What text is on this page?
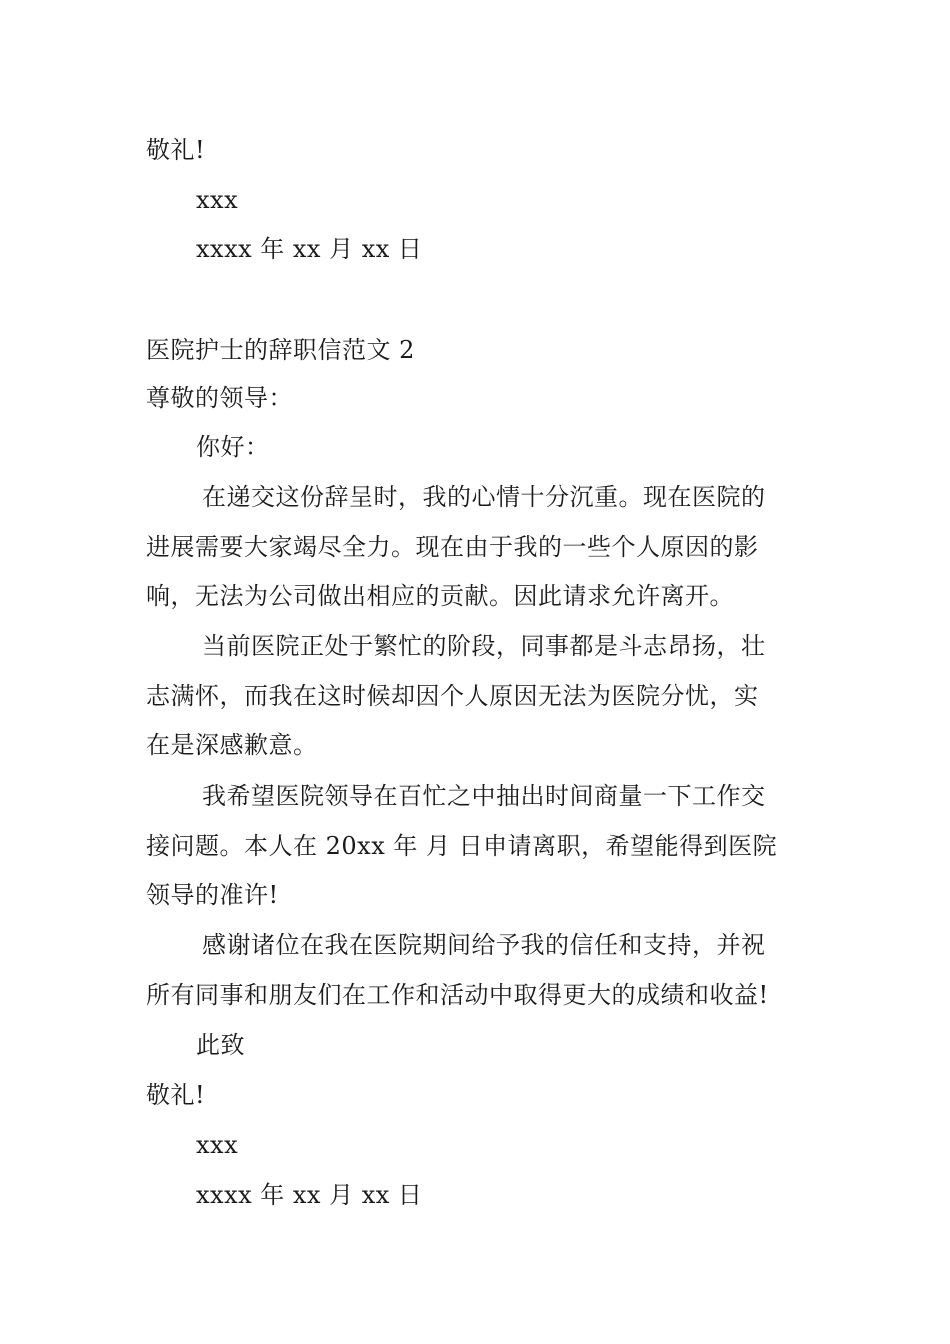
敬礼!
xxx
xxxx 年 xx 月 xx 日
医院护士的辞职信范文 2
尊敬的领导：
你好：
在递交这份辞呈时，我的心情十分沉重。现在医院的
进展需要大家竭尽全力。现在由于我的一些个人原因的影
响，无法为公司做出相应的贡献。因此请求允许离开。
当前医院正处于繁忙的阶段，同事都是斗志昂扬，壮
志满怀，而我在这时候却因个人原因无法为医院分忧，实
在是深感歉意。
我希望医院领导在百忙之中抽出时间商量一下工作交
接问题。本人在 20xx 年 月 日申请离职，希望能得到医院
领导的准许!
感谢诸位在我在医院期间给予我的信任和支持，并祝
所有同事和朋友们在工作和活动中取得更大的成绩和收益!
此致
敬礼!
xxx
xxxx 年 xx 月 xx 日
